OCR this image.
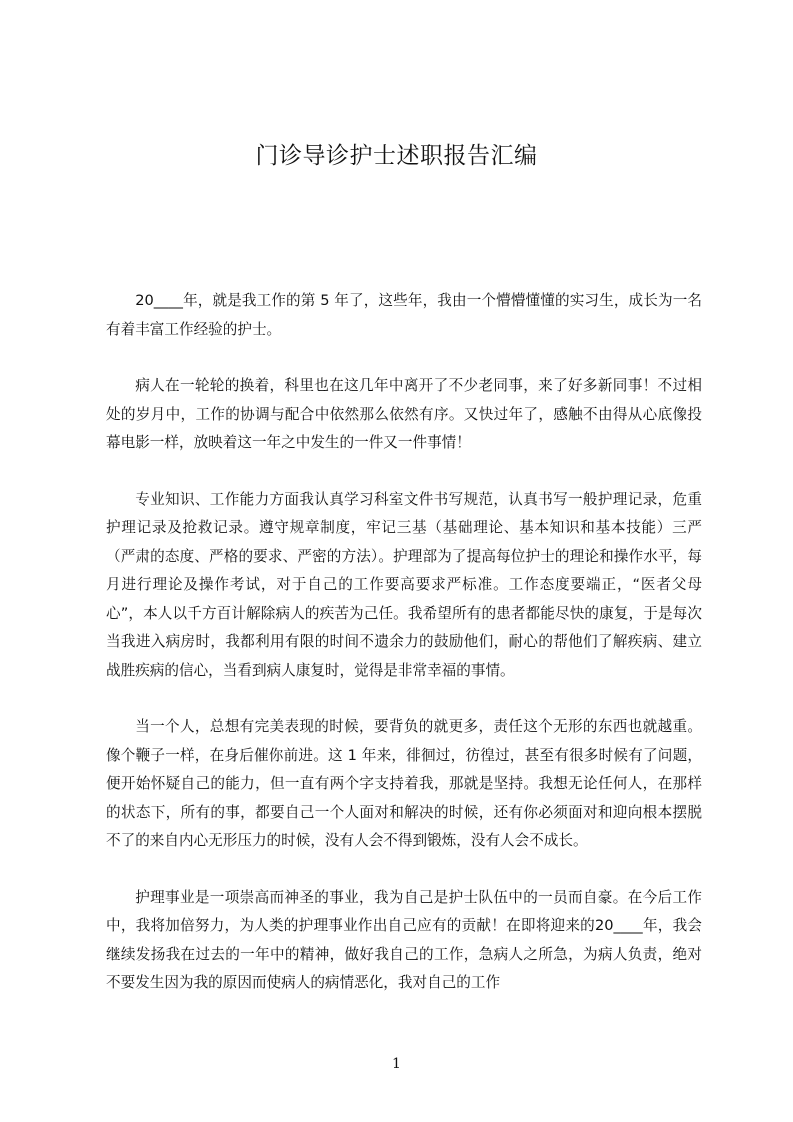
门诊导诊护士述职报告汇编

20____年，就是我工作的第 5 年了，这些年，我由一个懵懵懂懂的实习生，成长为一名有着丰富工作经验的护士。

病人在一轮轮的换着，科里也在这几年中离开了不少老同事，来了好多新同事！不过相处的岁月中，工作的协调与配合中依然那么依然有序。又快过年了，感触不由得从心底像投幕电影一样，放映着这一年之中发生的一件又一件事情！

专业知识、工作能力方面我认真学习科室文件书写规范，认真书写一般护理记录，危重护理记录及抢救记录。遵守规章制度，牢记三基（基础理论、基本知识和基本技能）三严（严肃的态度、严格的要求、严密的方法）。护理部为了提高每位护士的理论和操作水平，每月进行理论及操作考试，对于自己的工作要高要求严标准。工作态度要端正，“医者父母心”，本人以千方百计解除病人的疾苦为己任。我希望所有的患者都能尽快的康复，于是每次当我进入病房时，我都利用有限的时间不遗余力的鼓励他们，耐心的帮他们了解疾病、建立战胜疾病的信心，当看到病人康复时，觉得是非常幸福的事情。

当一个人，总想有完美表现的时候，要背负的就更多，责任这个无形的东西也就越重。像个鞭子一样，在身后催你前进。这 1 年来，徘徊过，彷徨过，甚至有很多时候有了问题，便开始怀疑自己的能力，但一直有两个字支持着我，那就是坚持。我想无论任何人，在那样的状态下，所有的事，都要自己一个人面对和解决的时候，还有你必须面对和迎向根本摆脱不了的来自内心无形压力的时候，没有人会不得到锻炼，没有人会不成长。

护理事业是一项崇高而神圣的事业，我为自己是护士队伍中的一员而自豪。在今后工作中，我将加倍努力，为人类的护理事业作出自己应有的贡献！在即将迎来的20____年，我会继续发扬我在过去的一年中的精神，做好我自己的工作，急病人之所急，为病人负责，绝对不要发生因为我的原因而使病人的病情恶化，我对自己的工作

1
